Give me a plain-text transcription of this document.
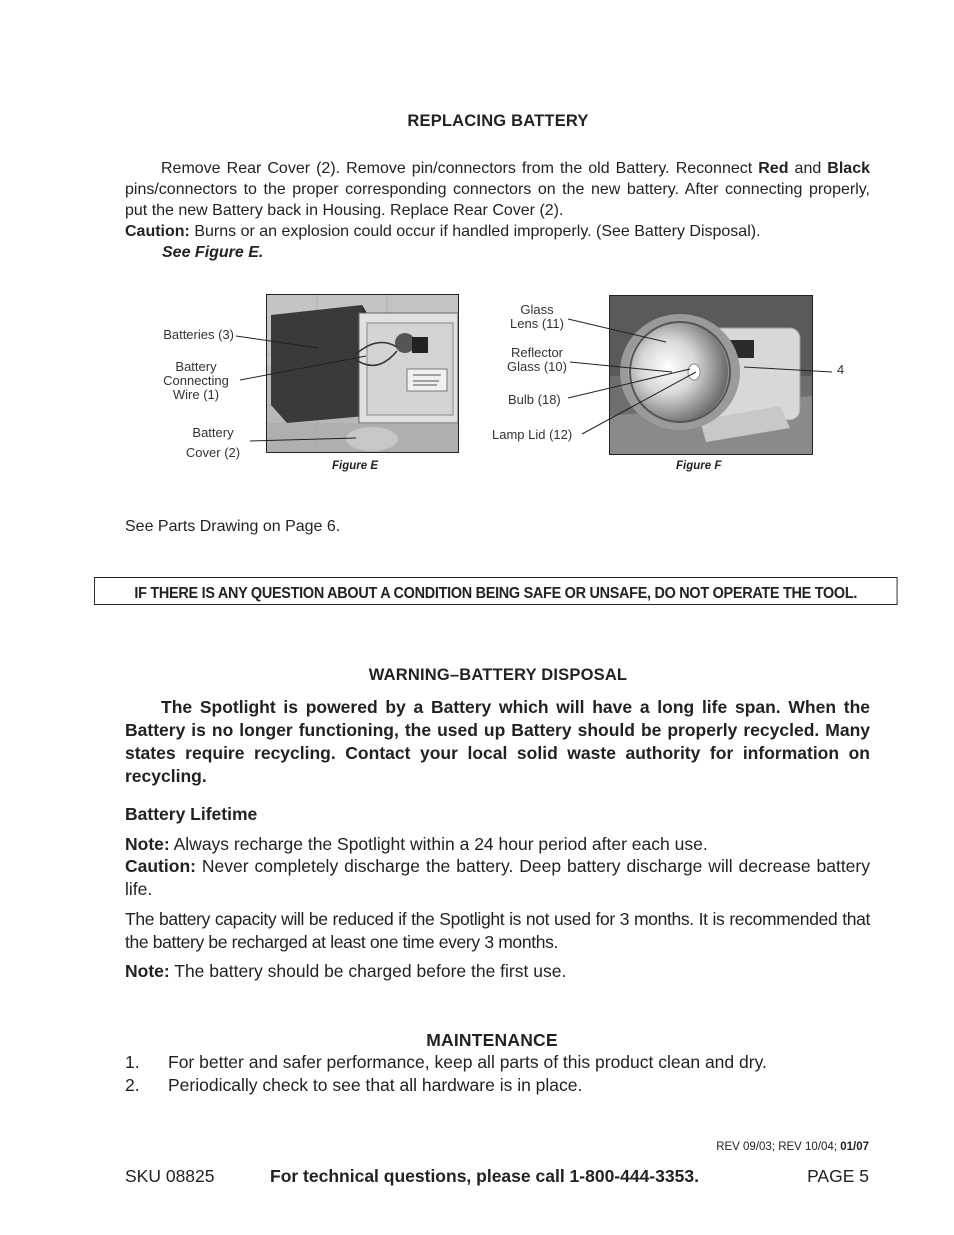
REPLACING BATTERY
Remove Rear Cover (2). Remove pin/connectors from the old Battery. Reconnect Red and Black pins/connectors to the proper corresponding connectors on the new battery. After connecting properly, put the new Battery back in Housing. Replace Rear Cover (2).
Caution: Burns or an explosion could occur if handled improperly. (See Battery Disposal).
See Figure E.
Batteries (3)
Battery
Connecting
Wire (1)
Battery
Cover (2)
Figure E
Glass
Lens (11)
Reflector
Glass (10)
Bulb (18)
Lamp Lid (12)
4
Figure F
See Parts Drawing on Page 6.
IF THERE IS ANY QUESTION ABOUT A CONDITION BEING SAFE OR UNSAFE, DO NOT OPERATE THE TOOL.
WARNING–BATTERY DISPOSAL
The Spotlight is powered by a Battery which will have a long life span. When the Battery is no longer functioning, the used up Battery should be properly recycled. Many states require recycling. Contact your local solid waste authority for information on recycling.
Battery Lifetime
Note: Always recharge the Spotlight within a 24 hour period after each use.
Caution: Never completely discharge the battery. Deep battery discharge will decrease battery life.
The battery capacity will be reduced if the Spotlight is not used for 3 months. It is recommended that the battery be recharged at least one time every 3 months.
Note: The battery should be charged before the first use.
MAINTENANCE
1.	For better and safer performance, keep all parts of this product clean and dry.
2.	Periodically check to see that all hardware is in place.
REV 09/03; REV 10/04; 01/07
SKU 08825	For technical questions, please call 1-800-444-3353.	PAGE 5
